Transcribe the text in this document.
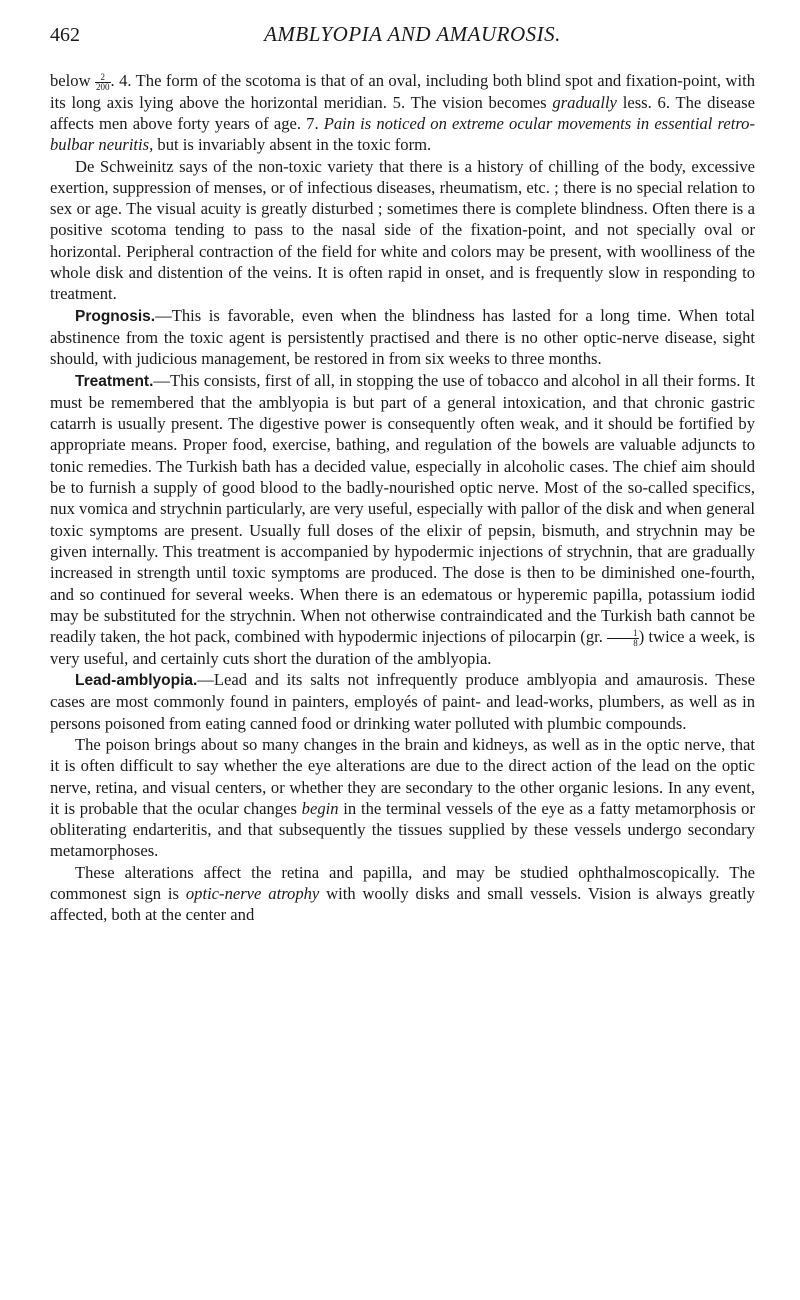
462	AMBLYOPIA AND AMAUROSIS.

below $\frac{2}{200}$ . 4. The form of the scotoma is that of an oval, including both blind spot and fixation-point, with its long axis lying above the horizontal meridian. 5. The vision becomes gradually less. 6. The disease affects men above forty years of age. 7. Pain is noticed on extreme ocular movements in essential retro-bulbar neuritis, but is invariably absent in the toxic form.

De Schweinitz says of the non-toxic variety that there is a history of chilling of the body, excessive exertion, suppression of menses, or of infectious diseases, rheumatism, etc. ; there is no special relation to sex or age. The visual acuity is greatly disturbed ; sometimes there is complete blindness. Often there is a positive scotoma tending to pass to the nasal side of the fixation-point, and not specially oval or horizontal. Peripheral contraction of the field for white and colors may be present, with woolliness of the whole disk and distention of the veins. It is often rapid in onset, and is frequently slow in responding to treatment.

Prognosis.—This is favorable, even when the blindness has lasted for a long time. When total abstinence from the toxic agent is persistently practised and there is no other optic-nerve disease, sight should, with judicious management, be restored in from six weeks to three months.

Treatment.—This consists, first of all, in stopping the use of tobacco and alcohol in all their forms. It must be remembered that the amblyopia is but part of a general intoxication, and that chronic gastric catarrh is usually present. The digestive power is consequently often weak, and it should be fortified by appropriate means. Proper food, exercise, bathing, and regulation of the bowels are valuable adjuncts to tonic remedies. The Turkish bath has a decided value, especially in alcoholic cases. The chief aim should be to furnish a supply of good blood to the badly-nourished optic nerve. Most of the so-called specifics, nux vomica and strychnin particularly, are very useful, especially with pallor of the disk and when general toxic symptoms are present. Usually full doses of the elixir of pepsin, bismuth, and strychnin may be given internally. This treatment is accompanied by hypodermic injections of strychnin, that are gradually increased in strength until toxic symptoms are produced. The dose is then to be diminished one-fourth, and so continued for several weeks. When there is an edematous or hyperemic papilla, potassium iodid may be substituted for the strychnin. When not otherwise contraindicated and the Turkish bath cannot be readily taken, the hot pack, combined with hypodermic injections of pilocarpin (gr. $\frac{1}{8}$ ) twice a week, is very useful, and certainly cuts short the duration of the amblyopia.

Lead-amblyopia.—Lead and its salts not infrequently produce amblyopia and amaurosis. These cases are most commonly found in painters, employés of paint- and lead-works, plumbers, as well as in persons poisoned from eating canned food or drinking water polluted with plumbic compounds.

The poison brings about so many changes in the brain and kidneys, as well as in the optic nerve, that it is often difficult to say whether the eye alterations are due to the direct action of the lead on the optic nerve, retina, and visual centers, or whether they are secondary to the other organic lesions. In any event, it is probable that the ocular changes begin in the terminal vessels of the eye as a fatty metamorphosis or obliterating endarteritis, and that subsequently the tissues supplied by these vessels undergo secondary metamorphoses.

These alterations affect the retina and papilla, and may be studied ophthalmoscopically. The commonest sign is optic-nerve atrophy with woolly disks and small vessels. Vision is always greatly affected, both at the center and
